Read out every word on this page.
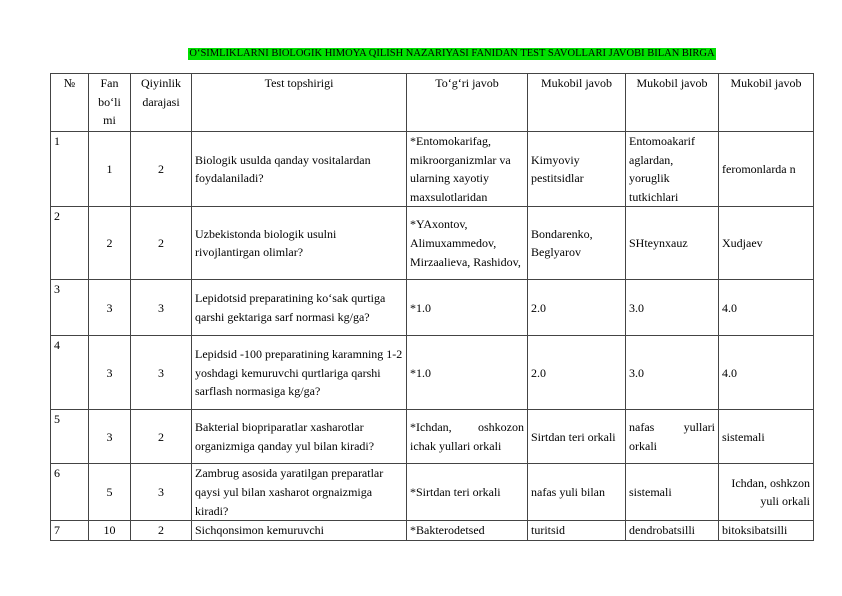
O‘SIMLIKLARNI BIOLOGIK HIMOYA QILISH NAZARIYASI FANIDAN TEST SAVOLLARI JAVOBI BILAN BIRGA
№	Fan bo‘li mi	Qiyinlik darajasi	Test topshirigi	To‘g‘ri javob	Mukobil javob	Mukobil javob	Mukobil javob
1	1	2	Biologik usulda qanday vositalardan foydalaniladi?	*Entomokarifag, mikroorganizmlar va ularning xayotiy maxsulotlaridan	Kimyoviy pestitsidlar	Entomoakarif aglardan, yoruglik tutkichlari	feromonlarda n
2	2	2	Uzbekistonda biologik usulni rivojlantirgan olimlar?	*YAxontov, Alimuxammedov, Mirzaalieva, Rashidov,	Bondarenko, Beglyarov	SHteynxauz	Xudjaev
3	3	3	Lepidotsid preparatining ko‘sak qurtiga qarshi gektariga sarf normasi kg/ga?	*1.0	2.0	3.0	4.0
4	3	3	Lepidsid -100 preparatining karamning 1-2 yoshdagi kemuruvchi qurtlariga qarshi sarflash normasiga kg/ga?	*1.0	2.0	3.0	4.0
5	3	2	Bakterial biopriparatlar xasharotlar organizmiga qanday yul bilan kiradi?	*Ichdan, oshkozon ichak yullari orkali	Sirtdan teri orkali	nafas yullari orkali	sistemali
6	5	3	Zambrug asosida yaratilgan preparatlar qaysi yul bilan xasharot orgnaizmiga kiradi?	*Sirtdan teri orkali	nafas yuli bilan	sistemali	Ichdan, oshkzon yuli orkali
7	10	2	Sichqonsimon kemuruvchi	*Bakterodetsed	turitsid	dendrobatsilli	bitoksibatsilli
